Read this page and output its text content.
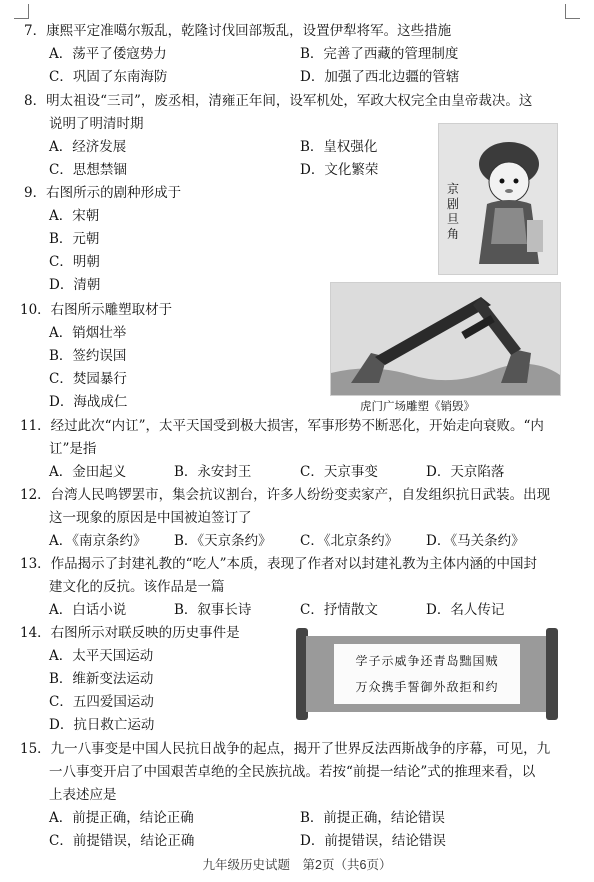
7．康熙平定准噶尔叛乱，乾隆讨伐回部叛乱，设置伊犁将军。这些措施
A．荡平了倭寇势力	B．完善了西藏的管理制度
C．巩固了东南海防	D．加强了西北边疆的管辖
8．明太祖设“三司”，废丞相，清雍正年间，设军机处，军政大权完全由皇帝裁决。这
说明了明清时期
A．经济发展	B．皇权强化
C．思想禁锢	D．文化繁荣
京剧旦角
9．右图所示的剧种形成于
A．宋朝
B．元朝
C．明朝
D．清朝
虎门广场雕塑《销毁》
10．右图所示雕塑取材于
A．销烟壮举
B．签约误国
C．焚园暴行
D．海战成仁
11．经过此次“内讧”，太平天国受到极大损害，军事形势不断恶化，开始走向衰败。“内
讧”是指
A．金田起义	B．永安封王	C．天京事变	D．天京陷落
12．台湾人民鸣锣罢市，集会抗议割台，许多人纷纷变卖家产，自发组织抗日武装。出现
这一现象的原因是中国被迫签订了
A．《南京条约》 B．《天京条约》 C．《北京条约》 D．《马关条约》
13．作品揭示了封建礼教的“吃人”本质，表现了作者对以封建礼教为主体内涵的中国封
建文化的反抗。该作品是一篇
A．白话小说	B．叙事长诗	C．抒情散文	D．名人传记
14．右图所示对联反映的历史事件是
A．太平天国运动
B．维新变法运动
C．五四爱国运动
D．抗日救亡运动
学子示威争还青岛黜国贼
万众携手誓御外敌拒和约
15．九一八事变是中国人民抗日战争的起点，揭开了世界反法西斯战争的序幕，可见，九
一八事变开启了中国艰苦卓绝的全民族抗战。若按“前提一结论”式的推理来看，以
上表述应是
A．前提正确，结论正确	B．前提正确，结论错误
C．前提错误，结论正确	D．前提错误，结论错误
九年级历史试题　第2页（共6页）
